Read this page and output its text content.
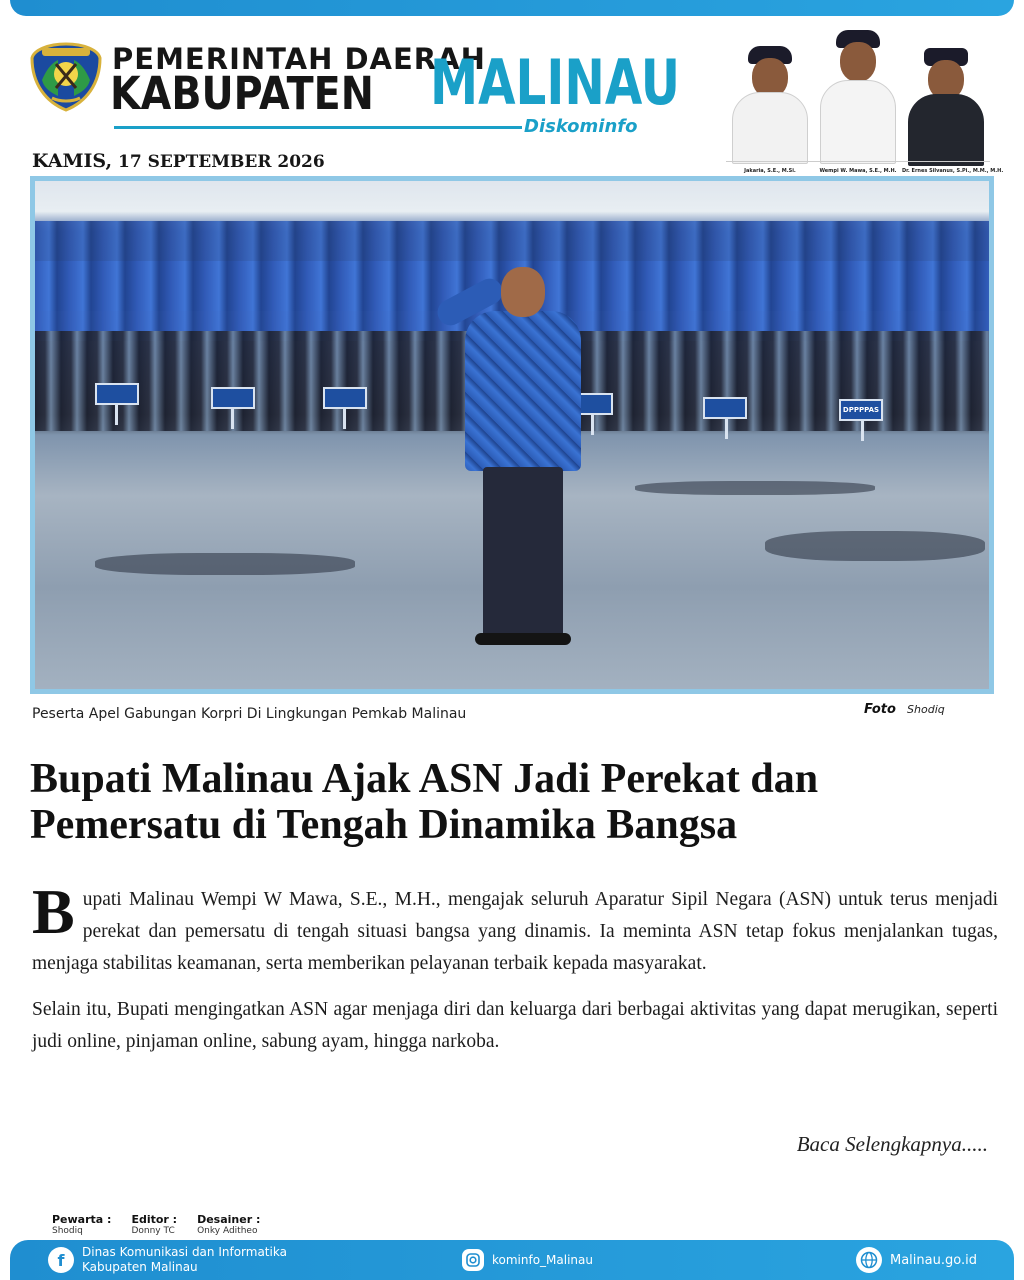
PEMERINTAH DAERAH
KABUPATEN MALINAU
Diskominfo
KAMIS, 17 SEPTEMBER 2026	Jakaria, S.E., M.Si.	Wempi W. Mawa, S.E., M.H.	Dr. Ernes Silvanus, S.Pi., M.M., M.H.
DPPPPAS
Peserta Apel Gabungan Korpri Di Lingkungan Pemkab Malinau	Foto Shodiq
Bupati Malinau Ajak ASN Jadi Perekat dan Pemersatu di Tengah Dinamika Bangsa

B upati Malinau Wempi W Mawa, S.E., M.H., mengajak seluruh Aparatur Sipil Negara (ASN) untuk terus menjadi perekat dan pemersatu di tengah situasi bangsa yang dinamis. Ia meminta ASN tetap fokus menjalankan tugas, menjaga stabilitas keamanan, serta memberikan pelayanan terbaik kepada masyarakat.

Selain itu, Bupati mengingatkan ASN agar menjaga diri dan keluarga dari berbagai aktivitas yang dapat merugikan, seperti judi online, pinjaman online, sabung ayam, hingga narkoba.

Baca Selengkapnya.....
Pewarta :
Shodiq
Editor :
Donny TC
Desainer :
Onky Aditheo
f	Dinas Komunikasi dan Informatika
Kabupaten Malinau
kominfo_Malinau	Malinau.go.id
